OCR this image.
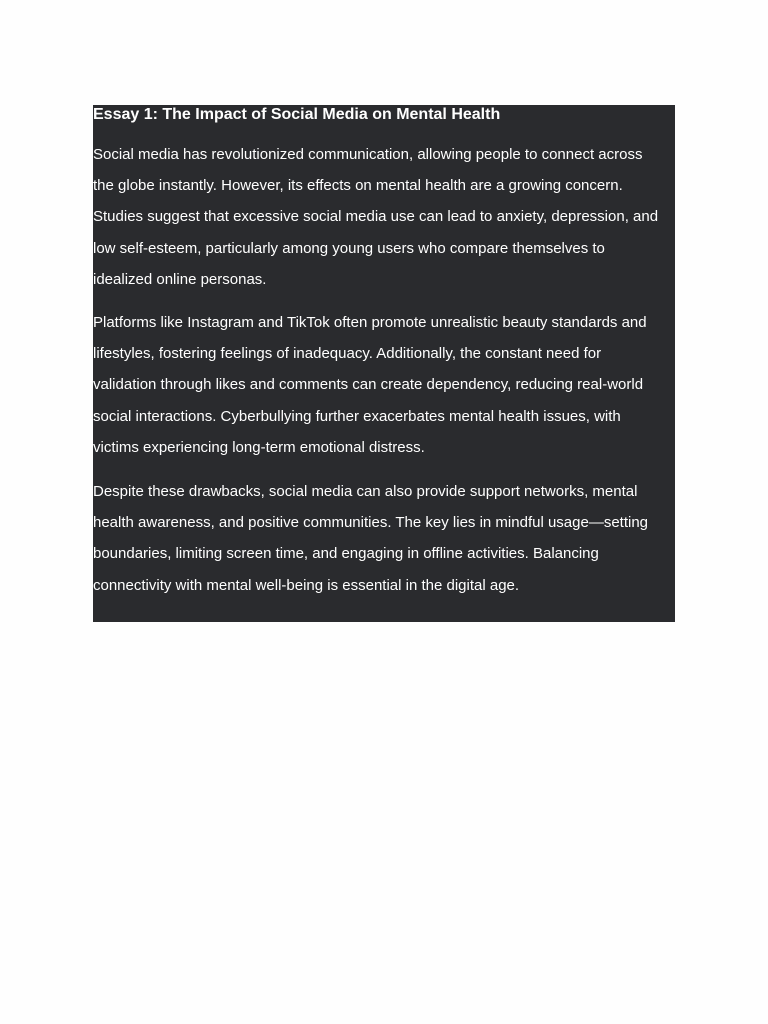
Essay 1: The Impact of Social Media on Mental Health

Social media has revolutionized communication, allowing people to connect across
the globe instantly. However, its effects on mental health are a growing concern.
Studies suggest that excessive social media use can lead to anxiety, depression, and
low self-esteem, particularly among young users who compare themselves to
idealized online personas.

Platforms like Instagram and TikTok often promote unrealistic beauty standards and
lifestyles, fostering feelings of inadequacy. Additionally, the constant need for
validation through likes and comments can create dependency, reducing real-world
social interactions. Cyberbullying further exacerbates mental health issues, with
victims experiencing long-term emotional distress.

Despite these drawbacks, social media can also provide support networks, mental
health awareness, and positive communities. The key lies in mindful usage—setting
boundaries, limiting screen time, and engaging in offline activities. Balancing
connectivity with mental well-being is essential in the digital age.
